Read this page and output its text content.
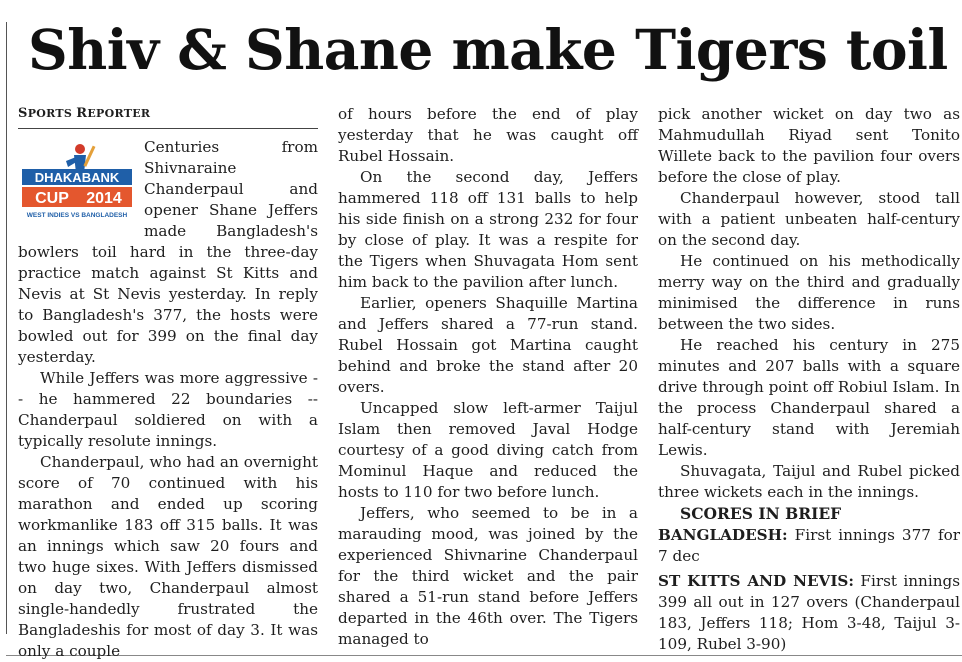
Shiv & Shane make Tigers toil
SPORTS REPORTER
DHAKABANK
CUP 2014
WEST INDIES VS BANGLADESH

Centuries from Shivnaraine Chanderpaul and opener Shane Jeffers made Bangladesh's bowlers toil hard in the three-day practice match against St Kitts and Nevis at St Nevis yesterday. In reply to Bangladesh's 377, the hosts were bowled out for 399 on the final day yesterday.

While Jeffers was more aggressive -- he hammered 22 boundaries -- Chanderpaul soldiered on with a typically resolute innings.

Chanderpaul, who had an overnight score of 70 continued with his marathon and ended up scoring workmanlike 183 off 315 balls. It was an innings which saw 20 fours and two huge sixes. With Jeffers dismissed on day two, Chanderpaul almost single-handedly frustrated the Bangladeshis for most of day 3. It was only a couple

of hours before the end of play yesterday that he was caught off Rubel Hossain.

On the second day, Jeffers hammered 118 off 131 balls to help his side finish on a strong 232 for four by close of play. It was a respite for the Tigers when Shuvagata Hom sent him back to the pavilion after lunch.

Earlier, openers Shaquille Martina and Jeffers shared a 77-run stand. Rubel Hossain got Martina caught behind and broke the stand after 20 overs.

Uncapped slow left-armer Taijul Islam then removed Javal Hodge courtesy of a good diving catch from Mominul Haque and reduced the hosts to 110 for two before lunch.

Jeffers, who seemed to be in a marauding mood, was joined by the experienced Shivnarine Chanderpaul for the third wicket and the pair shared a 51-run stand before Jeffers departed in the 46th over. The Tigers managed to

pick another wicket on day two as Mahmudullah Riyad sent Tonito Willete back to the pavilion four overs before the close of play.

Chanderpaul however, stood tall with a patient unbeaten half-century on the second day.

He continued on his methodically merry way on the third and gradually minimised the difference in runs between the two sides.

He reached his century in 275 minutes and 207 balls with a square drive through point off Robiul Islam. In the process Chanderpaul shared a half-century stand with Jeremiah Lewis.

Shuvagata, Taijul and Rubel picked three wickets each in the innings.

SCORES IN BRIEF

BANGLADESH: First innings 377 for 7 dec

ST KITTS AND NEVIS: First innings 399 all out in 127 overs (Chanderpaul 183, Jeffers 118; Hom 3-48, Taijul 3-109, Rubel 3-90)
